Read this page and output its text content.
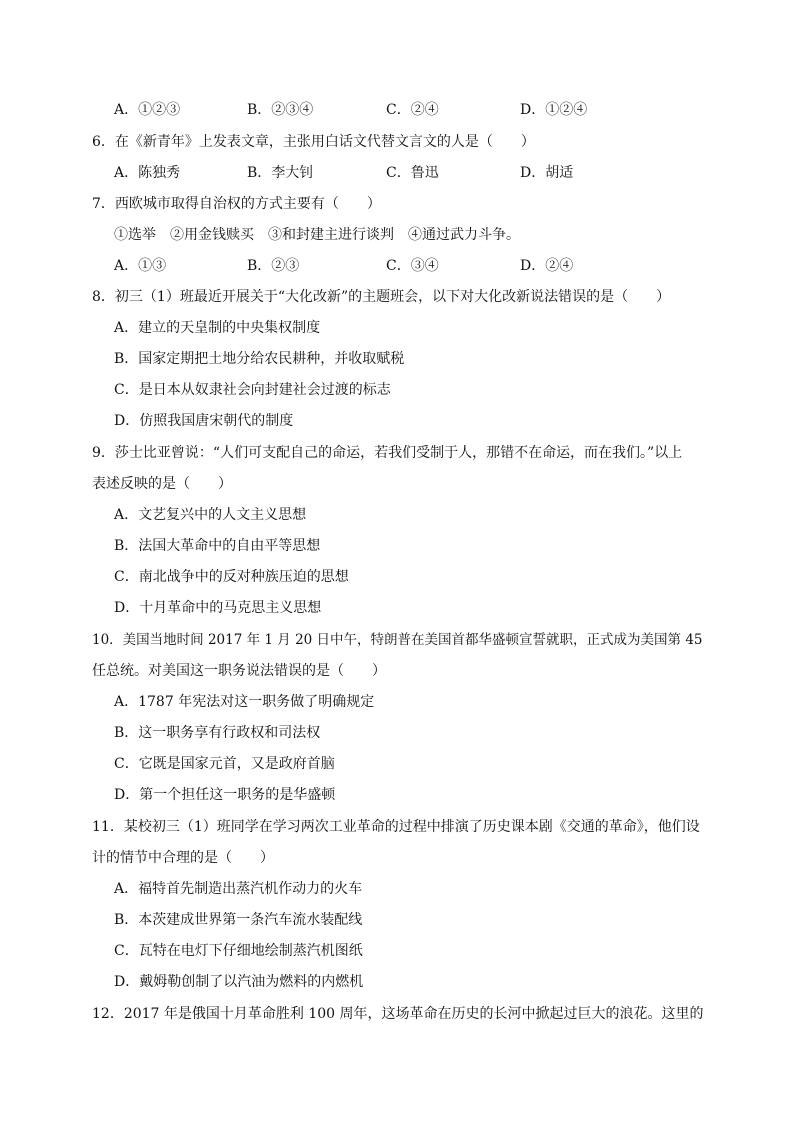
A．①②③	B．②③④	C．②④	D．①②④
6．在《新青年》上发表文章，主张用白话文代替文言文的人是（　　）
A．陈独秀	B．李大钊	C．鲁迅	D．胡适
7．西欧城市取得自治权的方式主要有（　　）
①选举　②用金钱赎买　③和封建主进行谈判　④通过武力斗争。
A．①③	B．②③	C．③④	D．②④
8．初三（1）班最近开展关于“大化改新”的主题班会，以下对大化改新说法错误的是（　　）
A．建立的天皇制的中央集权制度
B．国家定期把土地分给农民耕种，并收取赋税
C．是日本从奴隶社会向封建社会过渡的标志
D．仿照我国唐宋朝代的制度
9．莎士比亚曾说：“人们可支配自己的命运，若我们受制于人，那错不在命运，而在我们。”以上
表述反映的是（　　）
A．文艺复兴中的人文主义思想
B．法国大革命中的自由平等思想
C．南北战争中的反对种族压迫的思想
D．十月革命中的马克思主义思想
10．美国当地时间 2017 年 1 月 20 日中午，特朗普在美国首都华盛顿宣誓就职，正式成为美国第 45
任总统。对美国这一职务说法错误的是（　　）
A．1787 年宪法对这一职务做了明确规定
B．这一职务享有行政权和司法权
C．它既是国家元首，又是政府首脑
D．第一个担任这一职务的是华盛顿
11．某校初三（1）班同学在学习两次工业革命的过程中排演了历史课本剧《交通的革命》，他们设
计的情节中合理的是（　　）
A．福特首先制造出蒸汽机作动力的火车
B．本茨建成世界第一条汽车流水装配线
C．瓦特在电灯下仔细地绘制蒸汽机图纸
D．戴姆勒创制了以汽油为燃料的内燃机
12．2017 年是俄国十月革命胜利 100 周年，这场革命在历史的长河中掀起过巨大的浪花。这里的
